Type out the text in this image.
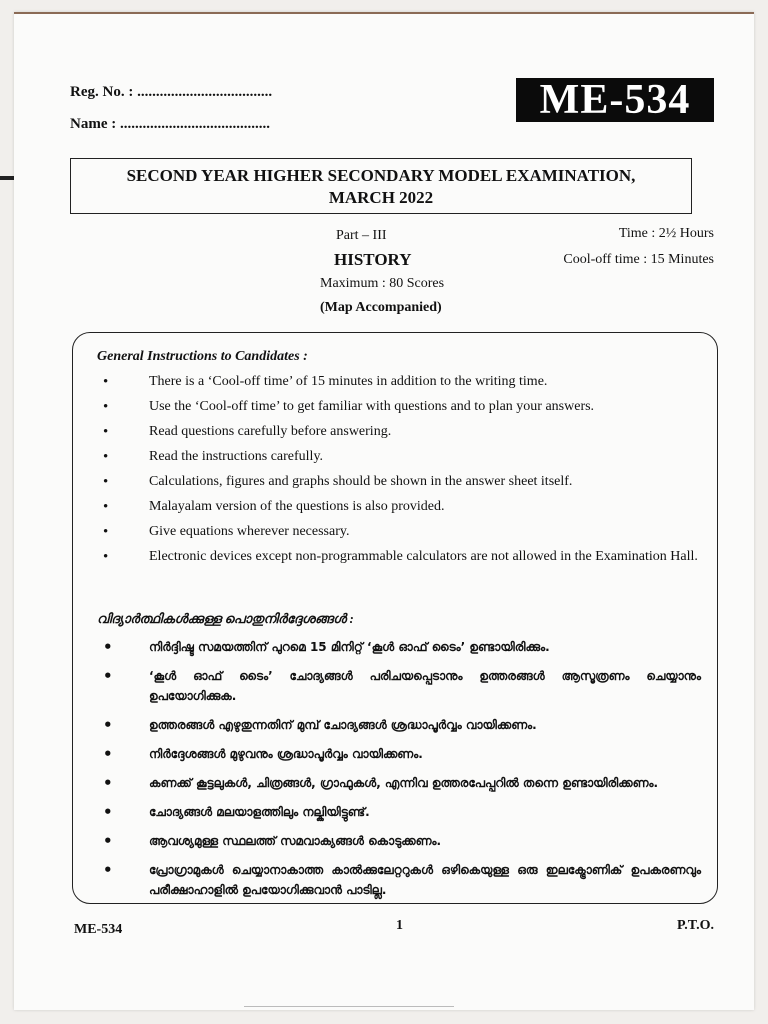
Reg. No. : ....................................
Name : ........................................
ME-534
SECOND YEAR HIGHER SECONDARY MODEL EXAMINATION,
MARCH 2022
Part – III
HISTORY
Maximum : 80 Scores
(Map Accompanied)
Time : 2½ Hours
Cool-off time : 15 Minutes
General Instructions to Candidates :
• There is a ‘Cool-off time’ of 15 minutes in addition to the writing time.
• Use the ‘Cool-off time’ to get familiar with questions and to plan your answers.
• Read questions carefully before answering.
• Read the instructions carefully.
• Calculations, figures and graphs should be shown in the answer sheet itself.
• Malayalam version of the questions is also provided.
• Give equations wherever necessary.
• Electronic devices except non-programmable calculators are not allowed in the Examination Hall.
വിദ്യാർത്ഥികൾക്കുള്ള പൊതുനിർദ്ദേശങ്ങൾ :
• നിർദ്ദിഷ്ട സമയത്തിന് പുറമെ 15 മിനിറ്റ് ‘കൂൾ ഓഫ് ടൈം’ ഉണ്ടായിരിക്കും.
• ‘കൂൾ ഓഫ് ടൈം’ ചോദ്യങ്ങൾ പരിചയപ്പെടാനും ഉത്തരങ്ങൾ ആസൂത്രണം ചെയ്യാനും ഉപയോഗിക്കുക.
• ഉത്തരങ്ങൾ എഴുതുന്നതിന് മുമ്പ് ചോദ്യങ്ങൾ ശ്രദ്ധാപൂർവ്വം വായിക്കണം.
• നിർദ്ദേശങ്ങൾ മുഴുവനും ശ്രദ്ധാപൂർവ്വം വായിക്കണം.
• കണക്ക് കൂട്ടലുകൾ, ചിത്രങ്ങൾ, ഗ്രാഫുകൾ, എന്നിവ ഉത്തരപേപ്പറിൽ തന്നെ ഉണ്ടായിരിക്കണം.
• ചോദ്യങ്ങൾ മലയാളത്തിലും നല്കിയിട്ടുണ്ട്.
• ആവശ്യമുള്ള സ്ഥലത്ത് സമവാക്യങ്ങൾ കൊടുക്കണം.
• പ്രോഗ്രാമുകൾ ചെയ്യാനാകാത്ത കാൽക്കുലേറ്ററുകൾ ഒഴികെയുള്ള ഒരു ഇലക്ട്രോണിക് ഉപകരണവും പരീക്ഷാഹാളിൽ ഉപയോഗിക്കുവാൻ പാടില്ല.
ME-534	1	P.T.O.
